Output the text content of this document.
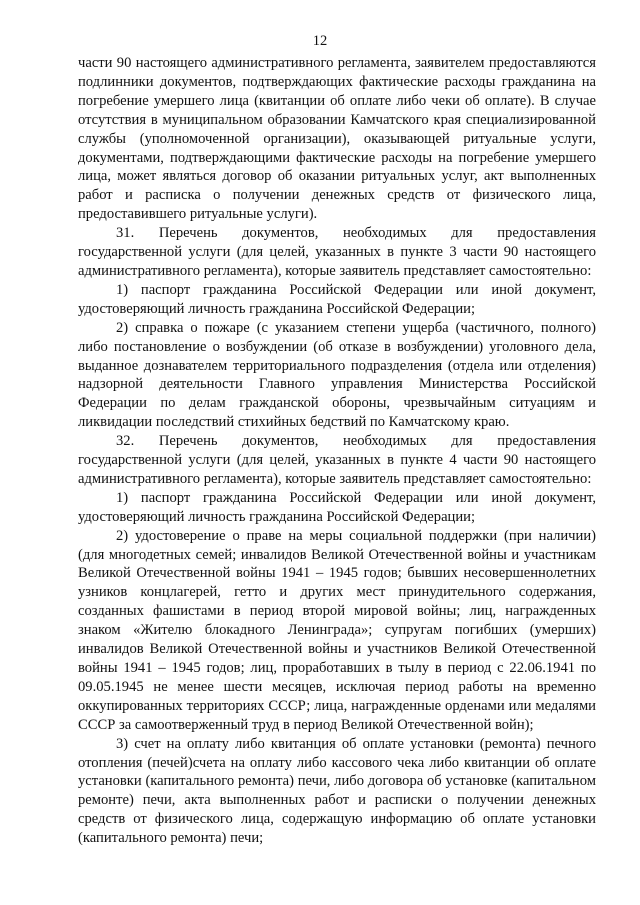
12

части 90 настоящего административного регламента, заявителем предоставляются подлинники документов, подтверждающих фактические расходы гражданина на погребение умершего лица (квитанции об оплате либо чеки об оплате). В случае отсутствия в муниципальном образовании Камчатского края специализированной службы (уполномоченной организации), оказывающей ритуальные услуги, документами, подтверждающими фактические расходы на погребение умершего лица, может являться договор об оказании ритуальных услуг, акт выполненных работ и расписка о получении денежных средств от физического лица, предоставившего ритуальные услуги).

31. Перечень документов, необходимых для предоставления государственной услуги (для целей, указанных в пункте 3 части 90 настоящего административного регламента), которые заявитель представляет самостоятельно:

1) паспорт гражданина Российской Федерации или иной документ, удостоверяющий личность гражданина Российской Федерации;

2) справка о пожаре (с указанием степени ущерба (частичного, полного) либо постановление о возбуждении (об отказе в возбуждении) уголовного дела, выданное дознавателем территориального подразделения (отдела или отделения) надзорной деятельности Главного управления Министерства Российской Федерации по делам гражданской обороны, чрезвычайным ситуациям и ликвидации последствий стихийных бедствий по Камчатскому краю.

32. Перечень документов, необходимых для предоставления государственной услуги (для целей, указанных в пункте 4 части 90 настоящего административного регламента), которые заявитель представляет самостоятельно:

1) паспорт гражданина Российской Федерации или иной документ, удостоверяющий личность гражданина Российской Федерации;

2) удостоверение о праве на меры социальной поддержки (при наличии) (для многодетных семей; инвалидов Великой Отечественной войны и участникам Великой Отечественной войны 1941 – 1945 годов; бывших несовершеннолетних узников концлагерей, гетто и других мест принудительного содержания, созданных фашистами в период второй мировой войны; лиц, награжденных знаком «Жителю блокадного Ленинграда»; супругам погибших (умерших) инвалидов Великой Отечественной войны и участников Великой Отечественной войны 1941 – 1945 годов; лиц, проработавших в тылу в период с 22.06.1941 по 09.05.1945 не менее шести месяцев, исключая период работы на временно оккупированных территориях СССР; лица, награжденные орденами или медалями СССР за самоотверженный труд в период Великой Отечественной войн);

3) счет на оплату либо квитанция об оплате установки (ремонта) печного отопления (печей)счета на оплату либо кассового чека либо квитанции об оплате установки (капитального ремонта) печи, либо договора об установке (капитальном ремонте) печи, акта выполненных работ и расписки о получении денежных средств от физического лица, содержащую информацию об оплате установки (капитального ремонта) печи;
